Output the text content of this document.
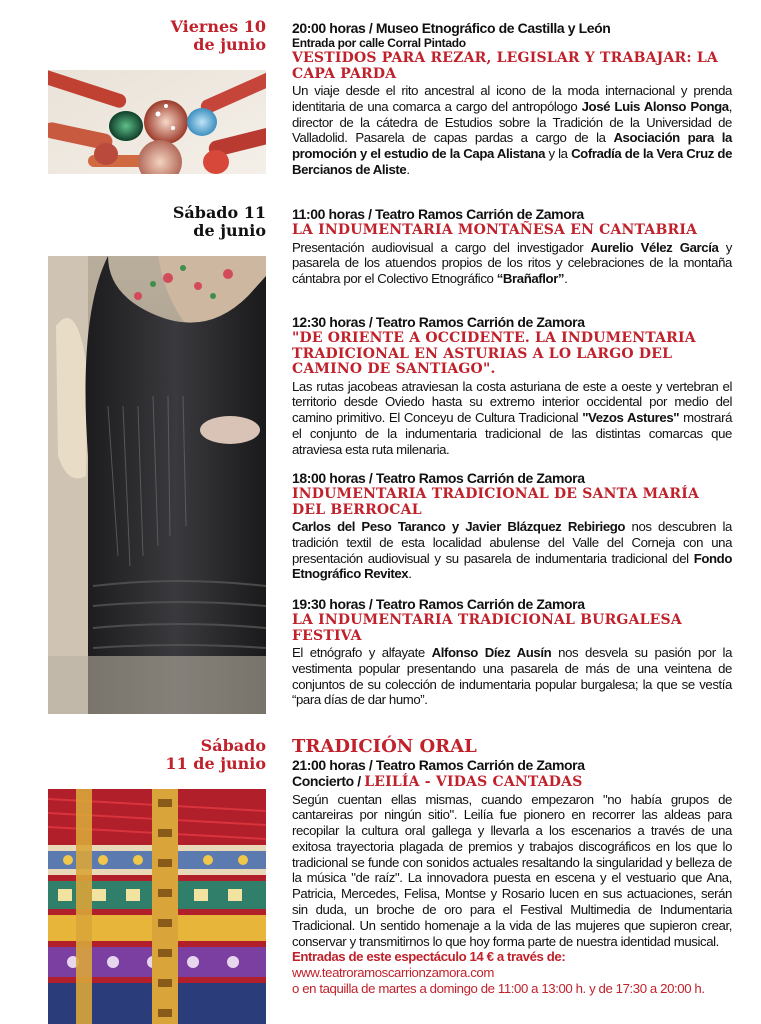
Viernes 10
de junio
20:00 horas / Museo Etnográfico de Castilla y León
Entrada por calle Corral Pintado
VESTIDOS PARA REZAR, LEGISLAR Y TRABAJAR: LA CAPA PARDA
Un viaje desde el rito ancestral al icono de la moda internacional y prenda identitaria de una comarca a cargo del antropólogo José Luis Alonso Ponga, director de la cátedra de Estudios sobre la Tradición de la Universidad de Valladolid. Pasarela de capas pardas a cargo de la Asociación para la promoción y el estudio de la Capa Alistana y la Cofradía de la Vera Cruz de Bercianos de Aliste.
Sábado 11
de junio
11:00 horas / Teatro Ramos Carrión de Zamora
LA INDUMENTARIA MONTAÑESA EN CANTABRIA
Presentación audiovisual a cargo del investigador Aurelio Vélez García y pasarela de los atuendos propios de los ritos y celebraciones de la montaña cántabra por el Colectivo Etnográfico “Brañaflor”.
12:30 horas / Teatro Ramos Carrión de Zamora
"DE ORIENTE A OCCIDENTE. LA INDUMENTARIA TRADICIONAL EN ASTURIAS A LO LARGO DEL CAMINO DE SANTIAGO".
Las rutas jacobeas atraviesan la costa asturiana de este a oeste y vertebran el territorio desde Oviedo hasta su extremo interior occidental por medio del camino primitivo. El Conceyu de Cultura Tradicional "Vezos Astures" mostrará el conjunto de la indumentaria tradicional de las distintas comarcas que atraviesa esta ruta milenaria.
18:00 horas / Teatro Ramos Carrión de Zamora
INDUMENTARIA TRADICIONAL DE SANTA MARÍA DEL BERROCAL
Carlos del Peso Taranco y Javier Blázquez Rebiriego nos descubren la tradición textil de esta localidad abulense del Valle del Corneja con una presentación audiovisual y su pasarela de indumentaria tradicional del Fondo Etnográfico Revitex.
19:30 horas / Teatro Ramos Carrión de Zamora
LA INDUMENTARIA TRADICIONAL BURGALESA FESTIVA
El etnógrafo y alfayate Alfonso Díez Ausín nos desvela su pasión por la vestimenta popular presentando una pasarela de más de una veintena de conjuntos de su colección de indumentaria popular burgalesa; la que se vestía “para días de dar humo”.
Sábado
11 de junio
TRADICIÓN ORAL
21:00 horas / Teatro Ramos Carrión de Zamora
Concierto / LEILÍA - VIDAS CANTADAS
Según cuentan ellas mismas, cuando empezaron "no había grupos de cantareiras por ningún sitio". Leilía fue pionero en recorrer las aldeas para recopilar la cultura oral gallega y llevarla a los escenarios a través de una exitosa trayectoria plagada de premios y trabajos discográficos en los que lo tradicional se funde con sonidos actuales resaltando la singularidad y belleza de la música "de raíz". La innovadora puesta en escena y el vestuario que Ana, Patricia, Mercedes, Felisa, Montse y Rosario lucen en sus actuaciones, serán sin duda, un broche de oro para el Festival Multimedia de Indumentaria Tradicional. Un sentido homenaje a la vida de las mujeres que supieron crear, conservar y transmitirnos lo que hoy forma parte de nuestra identidad musical.
Entradas de este espectáculo 14 € a través de:
www.teatroramoscarrionzamora.com
o en taquilla de martes a domingo de 11:00 a 13:00 h. y de 17:30 a 20:00 h.
